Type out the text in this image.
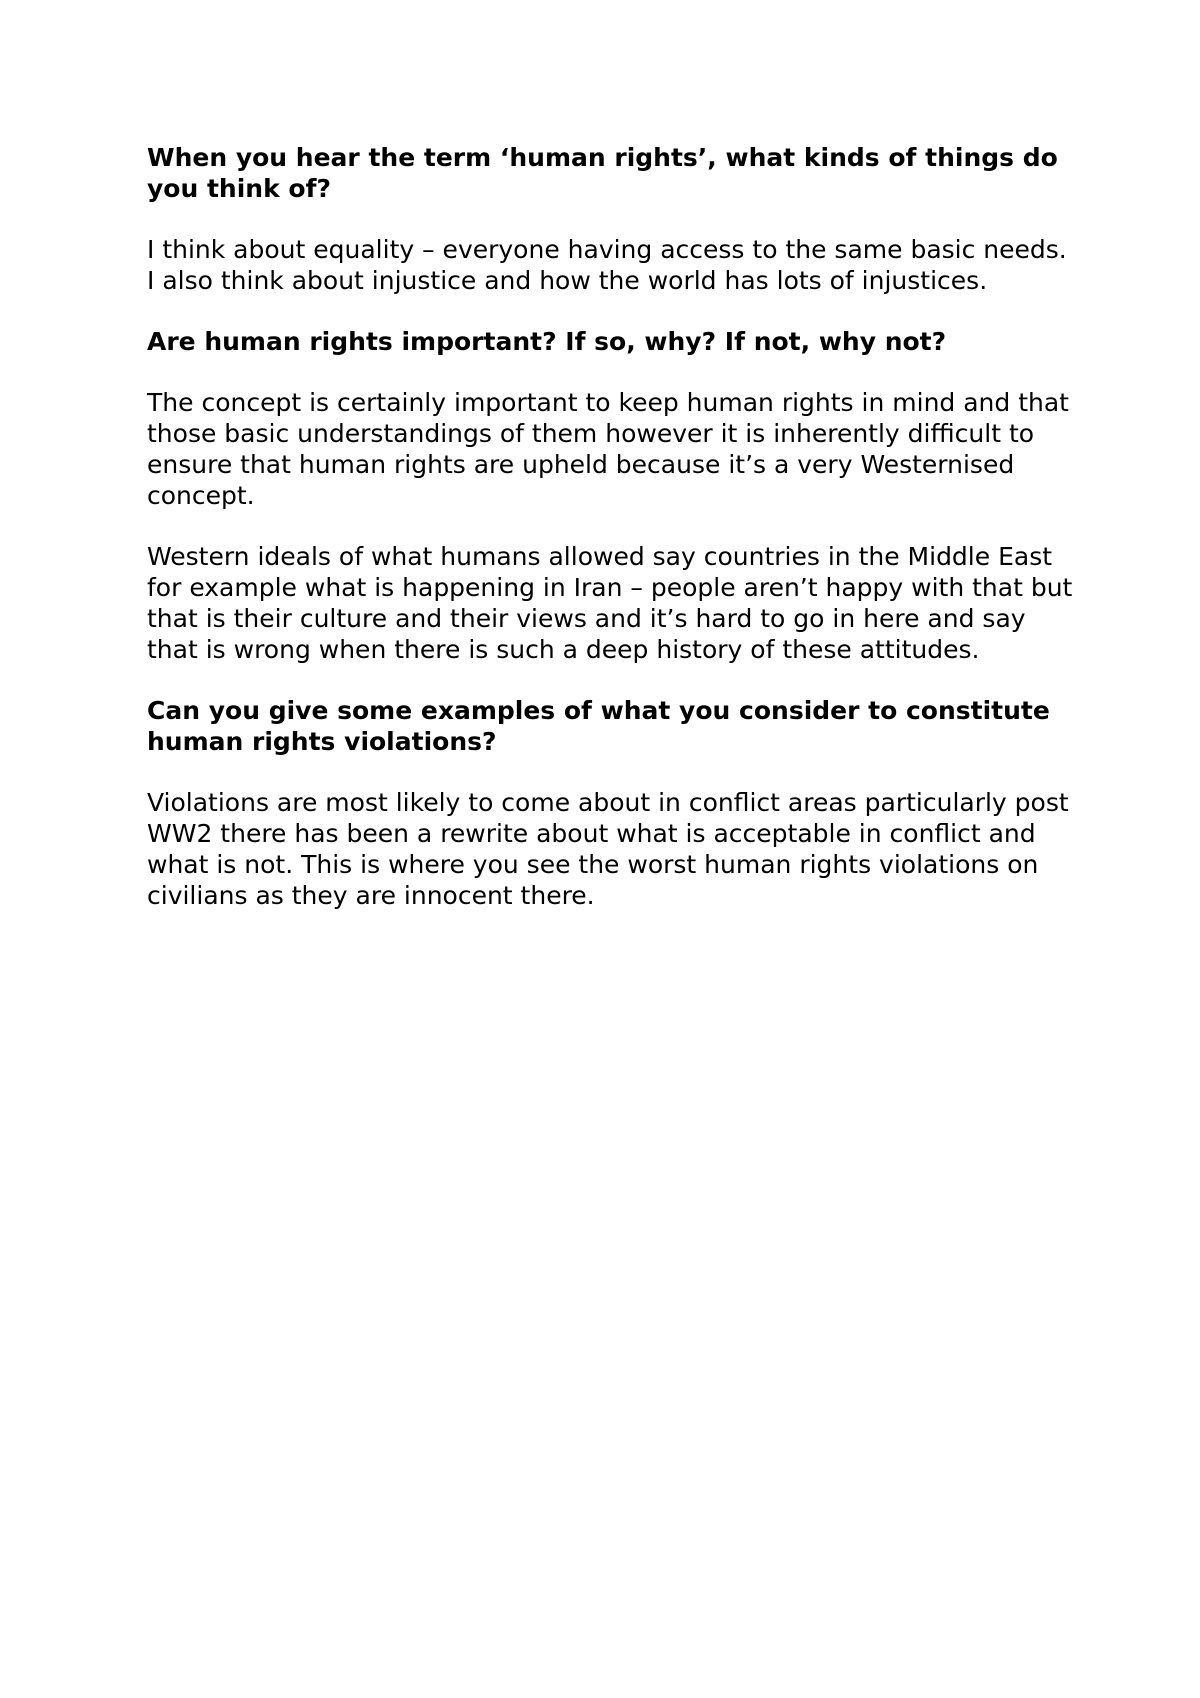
When you hear the term ‘human rights’, what kinds of things do you think of?

I think about equality – everyone having access to the same basic needs.
I also think about injustice and how the world has lots of injustices.

Are human rights important? If so, why? If not, why not?

The concept is certainly important to keep human rights in mind and that those basic understandings of them however it is inherently difficult to ensure that human rights are upheld because it’s a very Westernised concept.

Western ideals of what humans allowed say countries in the Middle East for example what is happening in Iran – people aren’t happy with that but that is their culture and their views and it’s hard to go in here and say that is wrong when there is such a deep history of these attitudes.

Can you give some examples of what you consider to constitute human rights violations?

Violations are most likely to come about in conflict areas particularly post WW2 there has been a rewrite about what is acceptable in conflict and what is not. This is where you see the worst human rights violations on civilians as they are innocent there.
